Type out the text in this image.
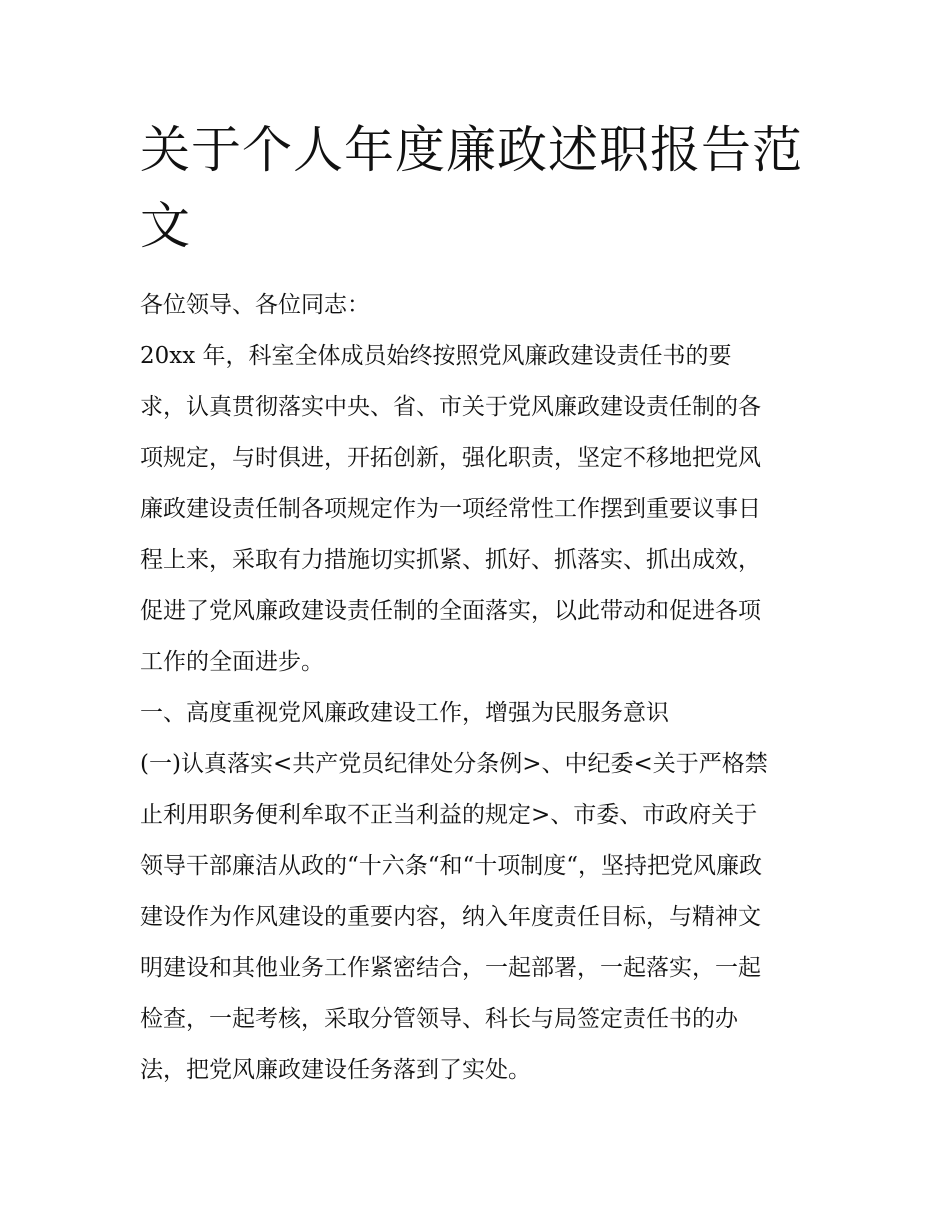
关于个人年度廉政述职报告范
文
各位领导、各位同志：
20xx 年，科室全体成员始终按照党风廉政建设责任书的要
求，认真贯彻落实中央、省、市关于党风廉政建设责任制的各
项规定，与时俱进，开拓创新，强化职责，坚定不移地把党风
廉政建设责任制各项规定作为一项经常性工作摆到重要议事日
程上来，采取有力措施切实抓紧、抓好、抓落实、抓出成效，
促进了党风廉政建设责任制的全面落实，以此带动和促进各项
工作的全面进步。
一、高度重视党风廉政建设工作，增强为民服务意识
(一)认真落实<共产党员纪律处分条例>、中纪委<关于严格禁
止利用职务便利牟取不正当利益的规定>、市委、市政府关于
领导干部廉洁从政的“十六条“和“十项制度“，坚持把党风廉政
建设作为作风建设的重要内容，纳入年度责任目标，与精神文
明建设和其他业务工作紧密结合，一起部署，一起落实，一起
检查，一起考核，采取分管领导、科长与局签定责任书的办
法，把党风廉政建设任务落到了实处。
